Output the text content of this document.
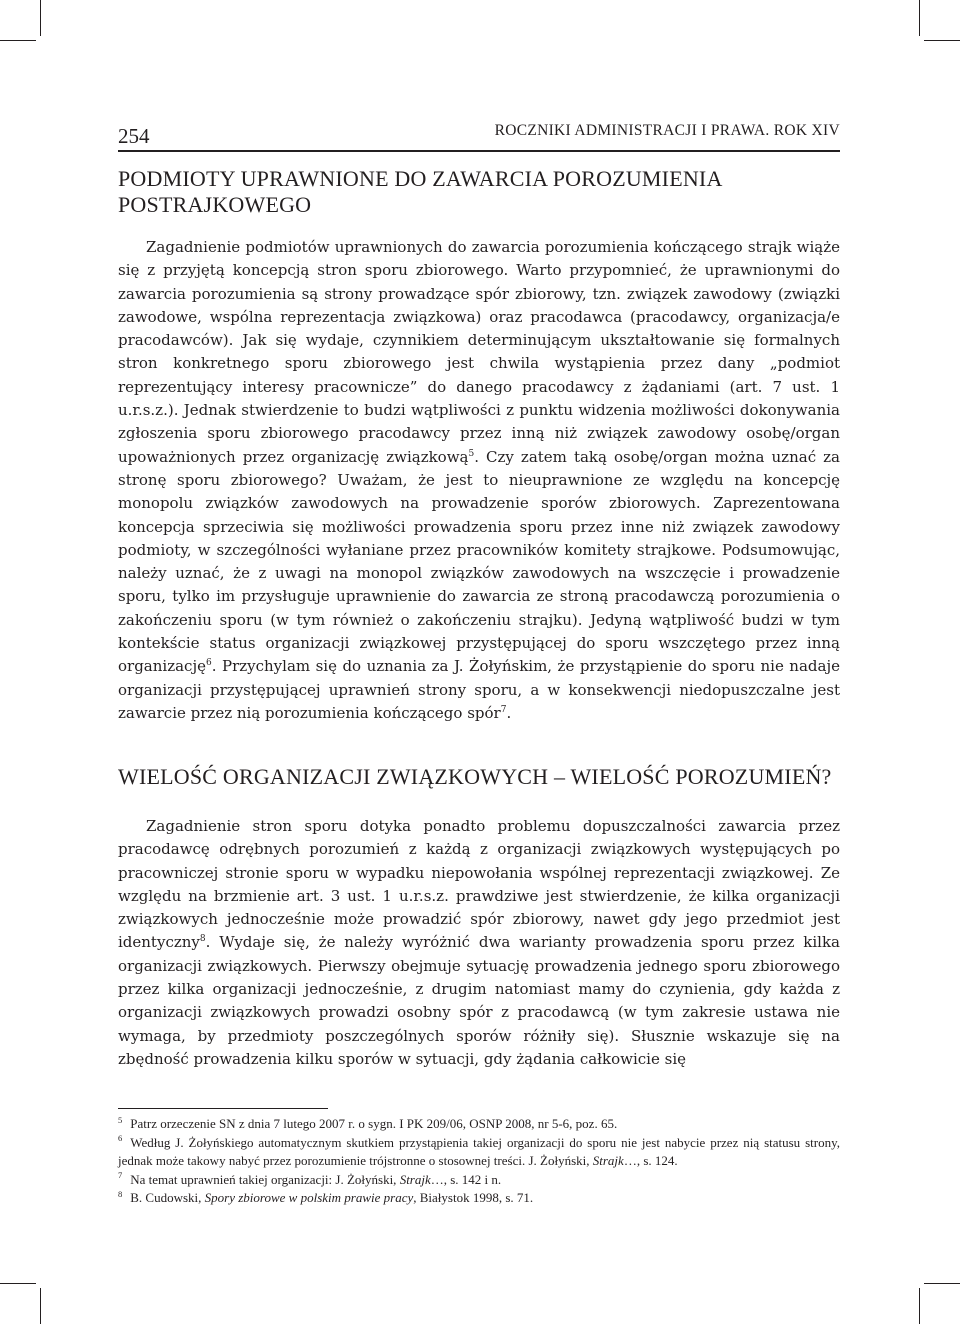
254	ROCZNIKI ADMINISTRACJI I PRAWA. ROK XIV
PODMIOTY UPRAWNIONE DO ZAWARCIA POROZUMIENIA POSTRAJKOWEGO

Zagadnienie podmiotów uprawnionych do zawarcia porozumienia kończącego strajk wiąże się z przyjętą koncepcją stron sporu zbiorowego. Warto przypomnieć, że uprawnionymi do zawarcia porozumienia są strony prowadzące spór zbiorowy, tzn. związek zawodowy (związki zawodowe, wspólna reprezentacja związkowa) oraz pracodawca (pracodawcy, organizacja/e pracodawców). Jak się wydaje, czynnikiem determinującym ukształtowanie się formalnych stron konkretnego sporu zbiorowego jest chwila wystąpienia przez dany „podmiot reprezentujący interesy pracownicze” do danego pracodawcy z żądaniami (art. 7 ust. 1 u.r.s.z.). Jednak stwierdzenie to budzi wątpliwości z punktu widzenia możliwości dokonywania zgłoszenia sporu zbiorowego pracodawcy przez inną niż związek zawodowy osobę/organ upoważnionych przez organizację związkową$^5$. Czy zatem taką osobę/organ można uznać za stronę sporu zbiorowego? Uważam, że jest to nieuprawnione ze względu na koncepcję monopolu związków zawodowych na prowadzenie sporów zbiorowych. Zaprezentowana koncepcja sprzeciwia się możliwości prowadzenia sporu przez inne niż związek zawodowy podmioty, w szczególności wyłaniane przez pracowników komitety strajkowe. Podsumowując, należy uznać, że z uwagi na monopol związków zawodowych na wszczęcie i prowadzenie sporu, tylko im przysługuje uprawnienie do zawarcia ze stroną pracodawczą porozumienia o zakończeniu sporu (w tym również o zakończeniu strajku). Jedyną wątpliwość budzi w tym kontekście status organizacji związkowej przystępującej do sporu wszczętego przez inną organizację$^6$. Przychylam się do uznania za J. Żołyńskim, że przystąpienie do sporu nie nadaje organizacji przystępującej uprawnień strony sporu, a w konsekwencji niedopuszczalne jest zawarcie przez nią porozumienia kończącego spór$^7$.

WIELOŚĆ ORGANIZACJI ZWIĄZKOWYCH – WIELOŚĆ POROZUMIEŃ?

Zagadnienie stron sporu dotyka ponadto problemu dopuszczalności zawarcia przez pracodawcę odrębnych porozumień z każdą z organizacji związkowych występujących po pracowniczej stronie sporu w wypadku niepowołania wspólnej reprezentacji związkowej. Ze względu na brzmienie art. 3 ust. 1 u.r.s.z. prawdziwe jest stwierdzenie, że kilka organizacji związkowych jednocześnie może prowadzić spór zbiorowy, nawet gdy jego przedmiot jest identyczny$^8$. Wydaje się, że należy wyróżnić dwa warianty prowadzenia sporu przez kilka organizacji związkowych. Pierwszy obejmuje sytuację prowadzenia jednego sporu zbiorowego przez kilka organizacji jednocześnie, z drugim natomiast mamy do czynienia, gdy każda z organizacji związkowych prowadzi osobny spór z pracodawcą (w tym zakresie ustawa nie wymaga, by przedmioty poszczególnych sporów różniły się). Słusznie wskazuje się na zbędność prowadzenia kilku sporów w sytuacji, gdy żądania całkowicie się

$^5$ Patrz orzeczenie SN z dnia 7 lutego 2007 r. o sygn. I PK 209/06, OSNP 2008, nr 5-6, poz. 65.
$^6$ Według J. Żołyńskiego automatycznym skutkiem przystąpienia takiej organizacji do sporu nie jest nabycie przez nią statusu strony, jednak może takowy nabyć przez porozumienie trójstronne o stosownej treści. J. Żołyński, Strajk…, s. 124.
$^7$ Na temat uprawnień takiej organizacji: J. Żołyński, Strajk…, s. 142 i n.
$^8$ B. Cudowski, Spory zbiorowe w polskim prawie pracy, Białystok 1998, s. 71.
